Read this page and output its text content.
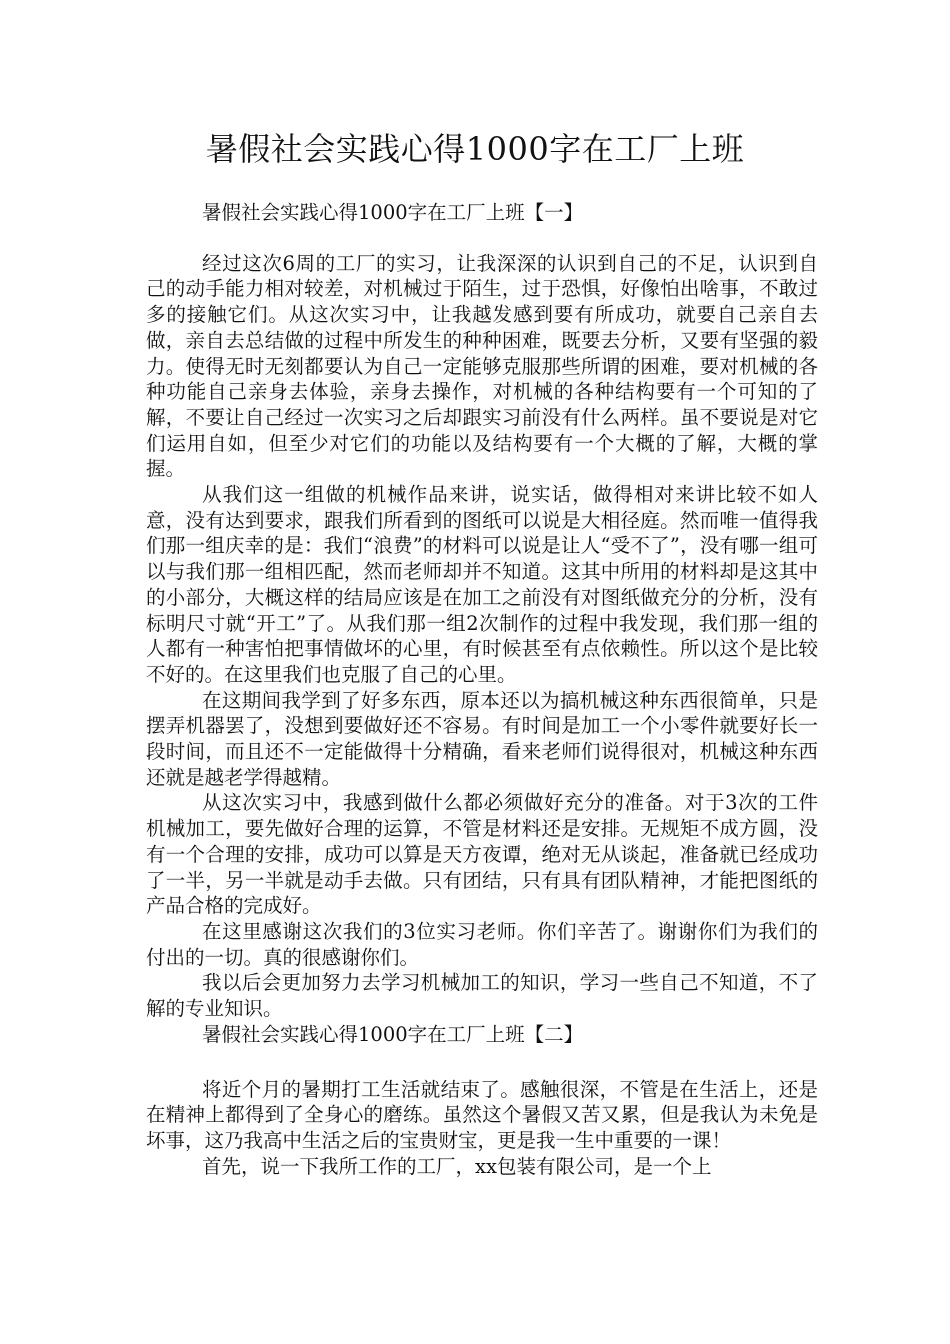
暑假社会实践心得1000字在工厂上班

暑假社会实践心得1000字在工厂上班【一】

经过这次6周的工厂的实习，让我深深的认识到自己的不足，认识到自己的动手能力相对较差，对机械过于陌生，过于恐惧，好像怕出啥事，不敢过多的接触它们。从这次实习中，让我越发感到要有所成功，就要自己亲自去做，亲自去总结做的过程中所发生的种种困难，既要去分析，又要有坚强的毅力。使得无时无刻都要认为自己一定能够克服那些所谓的困难，要对机械的各种功能自己亲身去体验，亲身去操作，对机械的各种结构要有一个可知的了解，不要让自己经过一次实习之后却跟实习前没有什么两样。虽不要说是对它们运用自如，但至少对它们的功能以及结构要有一个大概的了解，大概的掌握。

从我们这一组做的机械作品来讲，说实话，做得相对来讲比较不如人意，没有达到要求，跟我们所看到的图纸可以说是大相径庭。然而唯一值得我们那一组庆幸的是：我们“浪费”的材料可以说是让人“受不了”，没有哪一组可以与我们那一组相匹配，然而老师却并不知道。这其中所用的材料却是这其中的小部分，大概这样的结局应该是在加工之前没有对图纸做充分的分析，没有标明尺寸就“开工”了。从我们那一组2次制作的过程中我发现，我们那一组的人都有一种害怕把事情做坏的心里，有时候甚至有点依赖性。所以这个是比较不好的。在这里我们也克服了自己的心里。

在这期间我学到了好多东西，原本还以为搞机械这种东西很简单，只是摆弄机器罢了，没想到要做好还不容易。有时间是加工一个小零件就要好长一段时间，而且还不一定能做得十分精确，看来老师们说得很对，机械这种东西还就是越老学得越精。

从这次实习中，我感到做什么都必须做好充分的准备。对于3次的工件机械加工，要先做好合理的运算，不管是材料还是安排。无规矩不成方圆，没有一个合理的安排，成功可以算是天方夜谭，绝对无从谈起，准备就已经成功了一半，另一半就是动手去做。只有团结，只有具有团队精神，才能把图纸的产品合格的完成好。

在这里感谢这次我们的3位实习老师。你们辛苦了。谢谢你们为我们的付出的一切。真的很感谢你们。

我以后会更加努力去学习机械加工的知识，学习一些自己不知道，不了解的专业知识。

暑假社会实践心得1000字在工厂上班【二】

将近个月的暑期打工生活就结束了。感触很深，不管是在生活上，还是在精神上都得到了全身心的磨练。虽然这个暑假又苦又累，但是我认为未免是坏事，这乃我高中生活之后的宝贵财宝，更是我一生中重要的一课！

首先，说一下我所工作的工厂，xx包装有限公司，是一个上
